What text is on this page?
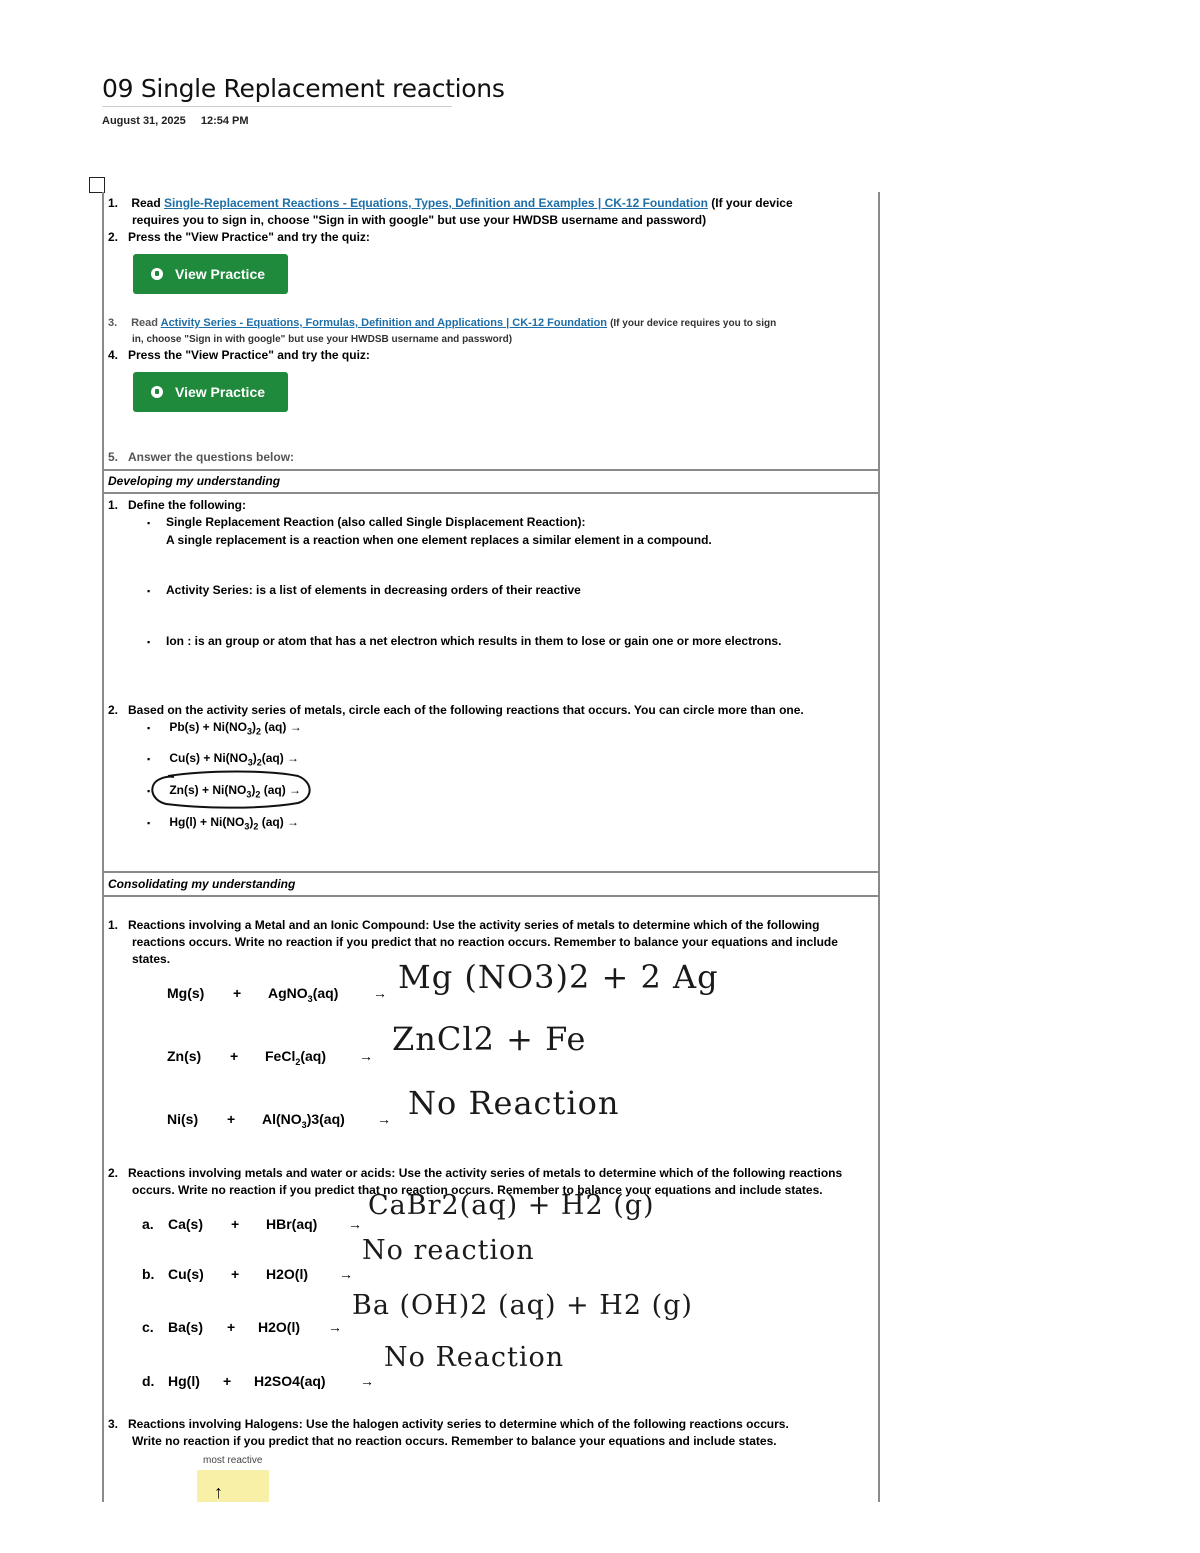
09 Single Replacement reactions
August 31, 2025 12:54 PM
1. Read Single-Replacement Reactions - Equations, Types, Definition and Examples | CK-12 Foundation (If your device
requires you to sign in, choose "Sign in with google" but use your HWDSB username and password)
2. Press the "View Practice" and try the quiz:
View Practice
3. Read Activity Series - Equations, Formulas, Definition and Applications | CK-12 Foundation (If your device requires you to sign
in, choose "Sign in with google" but use your HWDSB username and password)
4. Press the "View Practice" and try the quiz:
View Practice
5. Answer the questions below:
Developing my understanding
1. Define the following:
▪ Single Replacement Reaction (also called Single Displacement Reaction):
A single replacement is a reaction when one element replaces a similar element in a compound.
▪ Activity Series: is a list of elements in decreasing orders of their reactive
▪ Ion : is an group or atom that has a net electron which results in them to lose or gain one or more electrons.
2. Based on the activity series of metals, circle each of the following reactions that occurs. You can circle more than one.
▪ $Pb(s) + Ni(NO_3)_2$ (aq) →
▪ $Cu(s) + Ni(NO_3)_2(aq)$ →
▪ $Zn(s) + Ni(NO_3)_2$ (aq) →
▪ $Hg(l) + Ni(NO_3)_2$ (aq) →
Consolidating my understanding
1. Reactions involving a Metal and an Ionic Compound: Use the activity series of metals to determine which of the following
reactions occurs. Write no reaction if you predict that no reaction occurs. Remember to balance your equations and include
states.
Mg(s) + AgNO$_3$(aq) → Mg (NO3)2 + 2 Ag
Zn(s) + FeCl$_2$(aq) → ZnCl2 + Fe
$Ni(s) + Al(NO_3)3(aq) \to No$ Reaction
2. Reactions involving metals and water or acids: Use the activity series of metals to determine which of the following reactions
occurs. Write no reaction if you predict that no reaction occurs. Remember to balance your equations and include states.
a. Ca(s) + HBr(aq) →
CaBr2(aq) + H2 (g)
b. Cu(s) + H2O(l) →
No reaction
c. Ba(s) + H2O(l) →
Ba (OH)2 (aq) + H2 (g)
d. Hg(l) + H2SO4(aq) →
No Reaction
3. Reactions involving Halogens: Use the halogen activity series to determine which of the following reactions occurs.
Write no reaction if you predict that no reaction occurs. Remember to balance your equations and include states.
most reactive
↑
